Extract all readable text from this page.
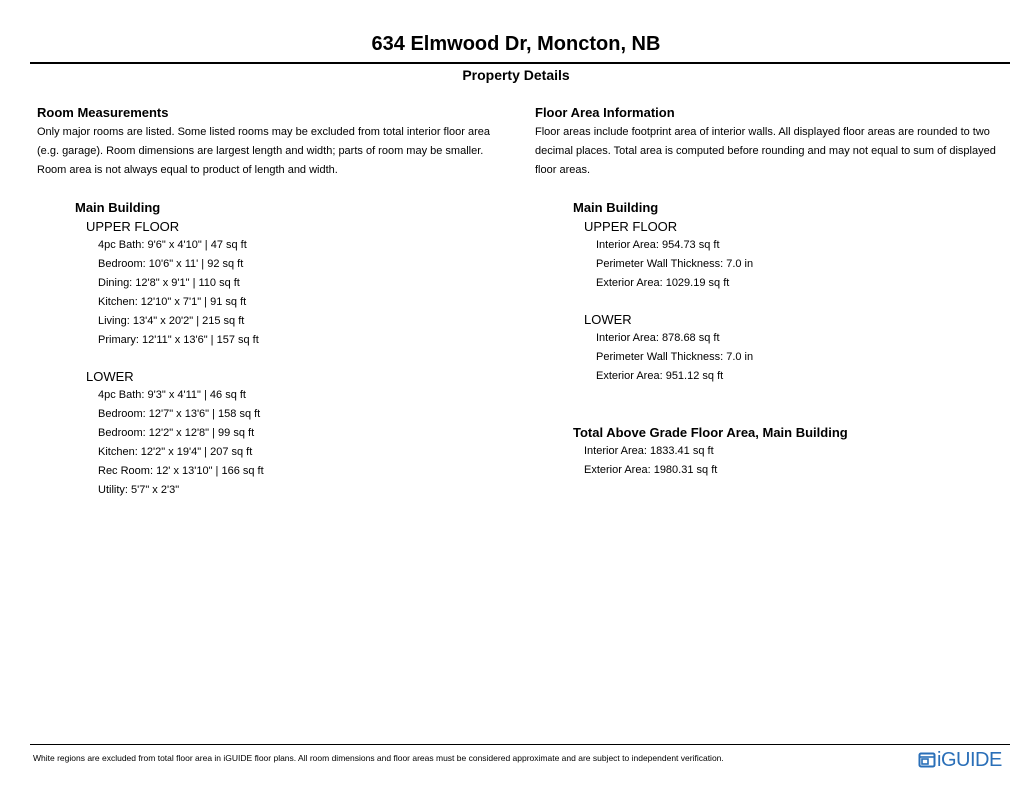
634 Elmwood Dr, Moncton, NB
Property Details
Room Measurements
Only major rooms are listed. Some listed rooms may be excluded from total interior floor area (e.g. garage). Room dimensions are largest length and width; parts of room may be smaller. Room area is not always equal to product of length and width.
Main Building
UPPER FLOOR
4pc Bath: 9'6" x 4'10" | 47 sq ft
Bedroom: 10'6" x 11' | 92 sq ft
Dining: 12'8" x 9'1" | 110 sq ft
Kitchen: 12'10" x 7'1" | 91 sq ft
Living: 13'4" x 20'2" | 215 sq ft
Primary: 12'11" x 13'6" | 157 sq ft
LOWER
4pc Bath: 9'3" x 4'11" | 46 sq ft
Bedroom: 12'7" x 13'6" | 158 sq ft
Bedroom: 12'2" x 12'8" | 99 sq ft
Kitchen: 12'2" x 19'4" | 207 sq ft
Rec Room: 12' x 13'10" | 166 sq ft
Utility: 5'7" x 2'3"
Floor Area Information
Floor areas include footprint area of interior walls. All displayed floor areas are rounded to two decimal places. Total area is computed before rounding and may not equal to sum of displayed floor areas.
Main Building
UPPER FLOOR
Interior Area: 954.73 sq ft
Perimeter Wall Thickness: 7.0 in
Exterior Area: 1029.19 sq ft
LOWER
Interior Area: 878.68 sq ft
Perimeter Wall Thickness: 7.0 in
Exterior Area: 951.12 sq ft
Total Above Grade Floor Area, Main Building
Interior Area: 1833.41 sq ft
Exterior Area: 1980.31 sq ft
White regions are excluded from total floor area in iGUIDE floor plans. All room dimensions and floor areas must be considered approximate and are subject to independent verification.	iGUIDE
